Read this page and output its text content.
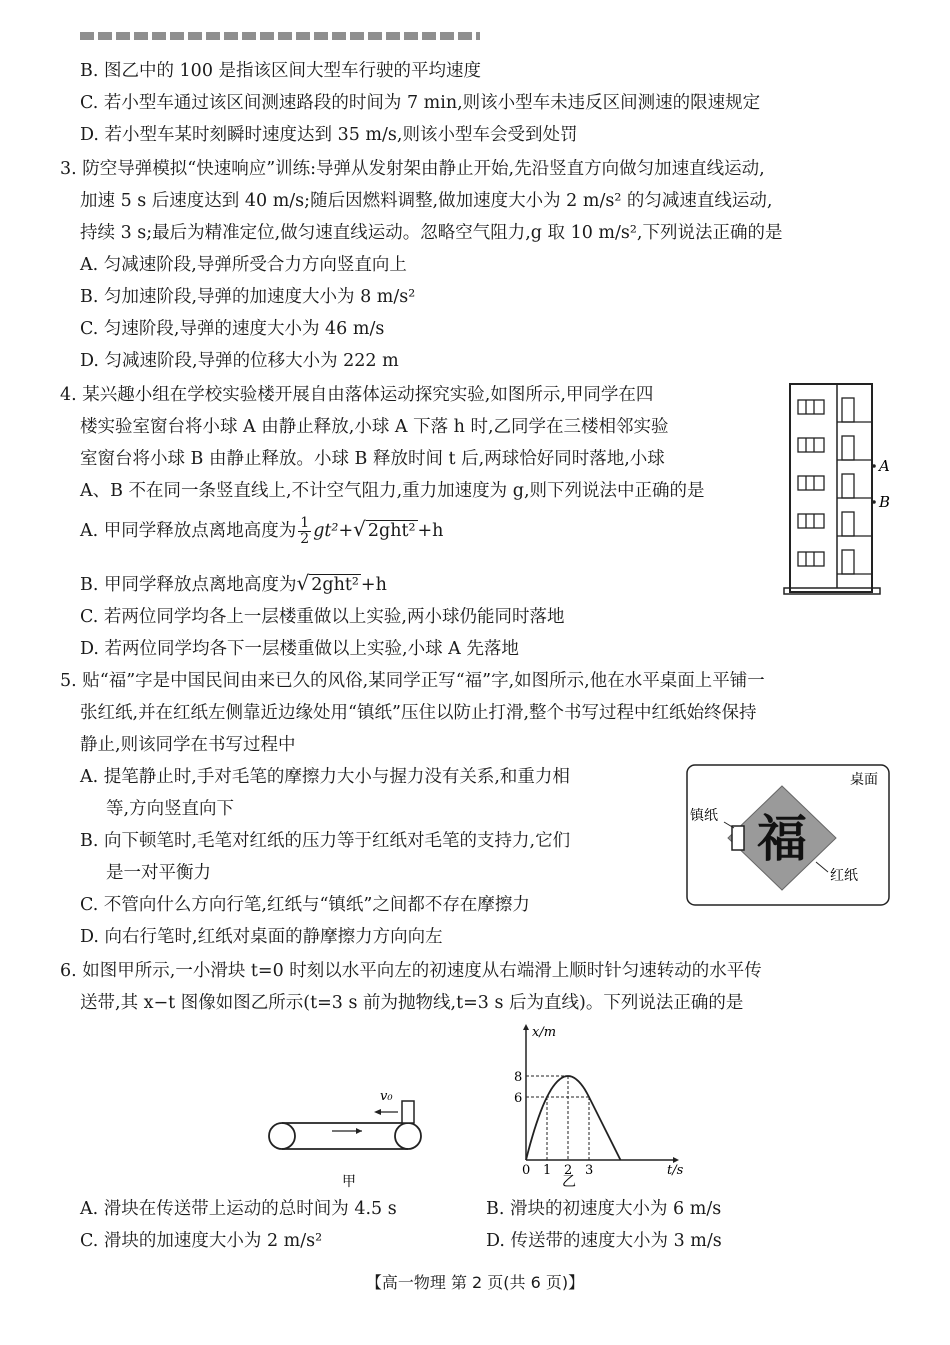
B. 图乙中的 100 是指该区间大型车行驶的平均速度
C. 若小型车通过该区间测速路段的时间为 7 min,则该小型车未违反区间测速的限速规定
D. 若小型车某时刻瞬时速度达到 35 m/s,则该小型车会受到处罚
3. 防空导弹模拟“快速响应”训练:导弹从发射架由静止开始,先沿竖直方向做匀加速直线运动,
加速 5 s 后速度达到 40 m/s;随后因燃料调整,做加速度大小为 2 m/s² 的匀减速直线运动,
持续 3 s;最后为精准定位,做匀速直线运动。忽略空气阻力,g 取 10 m/s²,下列说法正确的是
A. 匀减速阶段,导弹所受合力方向竖直向上
B. 匀加速阶段,导弹的加速度大小为 8 m/s²
C. 匀速阶段,导弹的速度大小为 46 m/s
D. 匀减速阶段,导弹的位移大小为 222 m
4. 某兴趣小组在学校实验楼开展自由落体运动探究实验,如图所示,甲同学在四
楼实验室窗台将小球 A 由静止释放,小球 A 下落 h 时,乙同学在三楼相邻实验
室窗台将小球 B 由静止释放。小球 B 释放时间 t 后,两球恰好同时落地,小球
A、B 不在同一条竖直线上,不计空气阻力,重力加速度为 g,则下列说法中正确的是
A. 甲同学释放点离地高度为 $\frac{1}{2} gt^2+√$ 2ght² +h
B. 甲同学释放点离地高度为√ 2ght² +h
C. 若两位同学均各上一层楼重做以上实验,两小球仍能同时落地
D. 若两位同学均各下一层楼重做以上实验,小球 A 先落地
A
B
5. 贴“福”字是中国民间由来已久的风俗,某同学正写“福”字,如图所示,他在水平桌面上平铺一
张红纸,并在红纸左侧靠近边缘处用“镇纸”压住以防止打滑,整个书写过程中红纸始终保持
静止,则该同学在书写过程中
A. 提笔静止时,手对毛笔的摩擦力大小与握力没有关系,和重力相
等,方向竖直向下
B. 向下顿笔时,毛笔对红纸的压力等于红纸对毛笔的支持力,它们
是一对平衡力
C. 不管向什么方向行笔,红纸与“镇纸”之间都不存在摩擦力
D. 向右行笔时,红纸对桌面的静摩擦力方向向左
桌面
福
镇纸
红纸
6. 如图甲所示,一小滑块 t=0 时刻以水平向左的初速度从右端滑上顺时针匀速转动的水平传
送带,其 x−t 图像如图乙所示(t=3 s 前为抛物线,t=3 s 后为直线)。下列说法正确的是
v₀
甲
x/m
t/s
0 1 2 3
6
8
乙
A. 滑块在传送带上运动的总时间为 4.5 s	B. 滑块的初速度大小为 6 m/s
C. 滑块的加速度大小为 2 m/s²	D. 传送带的速度大小为 3 m/s
【高一物理 第 2 页(共 6 页)】
